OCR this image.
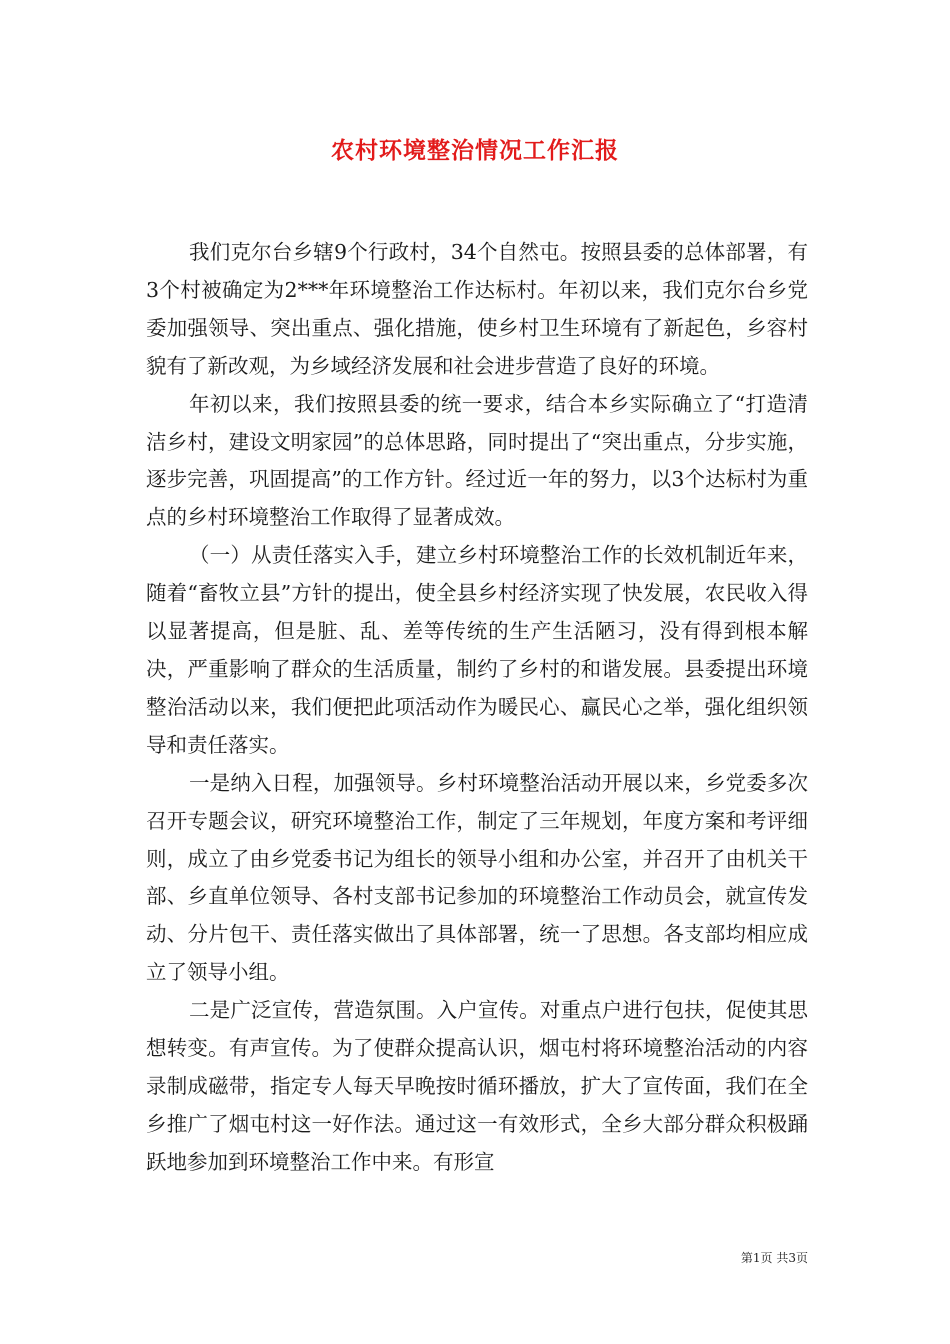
农村环境整治情况工作汇报

我们克尔台乡辖9个行政村，34个自然屯。按照县委的总体部署，有3个村被确定为2***年环境整治工作达标村。年初以来，我们克尔台乡党委加强领导、突出重点、强化措施，使乡村卫生环境有了新起色，乡容村貌有了新改观，为乡域经济发展和社会进步营造了良好的环境。

年初以来，我们按照县委的统一要求，结合本乡实际确立了“打造清洁乡村，建设文明家园”的总体思路，同时提出了“突出重点，分步实施，逐步完善，巩固提高”的工作方针。经过近一年的努力，以3个达标村为重点的乡村环境整治工作取得了显著成效。

（一）从责任落实入手，建立乡村环境整治工作的长效机制近年来，随着“畜牧立县”方针的提出，使全县乡村经济实现了快发展，农民收入得以显著提高，但是脏、乱、差等传统的生产生活陋习，没有得到根本解决，严重影响了群众的生活质量，制约了乡村的和谐发展。县委提出环境整治活动以来，我们便把此项活动作为暖民心、赢民心之举，强化组织领导和责任落实。

一是纳入日程，加强领导。乡村环境整治活动开展以来，乡党委多次召开专题会议，研究环境整治工作，制定了三年规划，年度方案和考评细则，成立了由乡党委书记为组长的领导小组和办公室，并召开了由机关干部、乡直单位领导、各村支部书记参加的环境整治工作动员会，就宣传发动、分片包干、责任落实做出了具体部署，统一了思想。各支部均相应成立了领导小组。

二是广泛宣传，营造氛围。入户宣传。对重点户进行包扶，促使其思想转变。有声宣传。为了使群众提高认识，烟屯村将环境整治活动的内容录制成磁带，指定专人每天早晚按时循环播放，扩大了宣传面，我们在全乡推广了烟屯村这一好作法。通过这一有效形式，全乡大部分群众积极踊跃地参加到环境整治工作中来。有形宣

第1页 共3页
